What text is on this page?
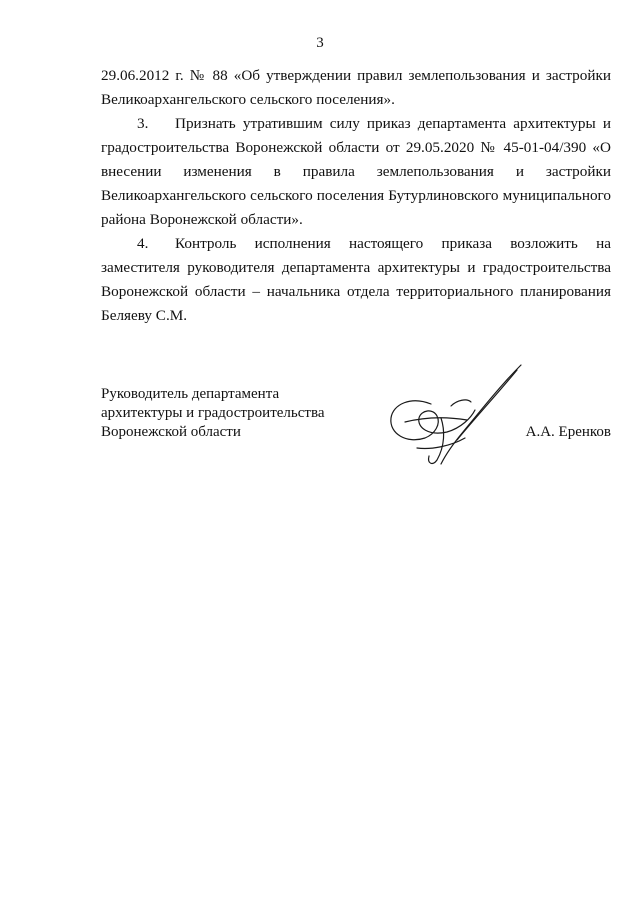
3

29.06.2012 г. № 88 «Об утверждении правил землепользования и застройки
Великоархангельского сельского поселения».

3. Признать утратившим силу приказ департамента архитектуры и
градостроительства Воронежской области от 29.05.2020 № 45-01-04/390 «О
внесении изменения в правила землепользования и застройки
Великоархангельского сельского поселения Бутурлиновского муниципального
района Воронежской области».

4. Контроль исполнения настоящего приказа возложить на
заместителя руководителя департамента архитектуры и градостроительства
Воронежской области – начальника отдела территориального планирования
Беляеву С.М.

Руководитель департамента
архитектуры и градостроительства
Воронежской области	А.А. Еренков
